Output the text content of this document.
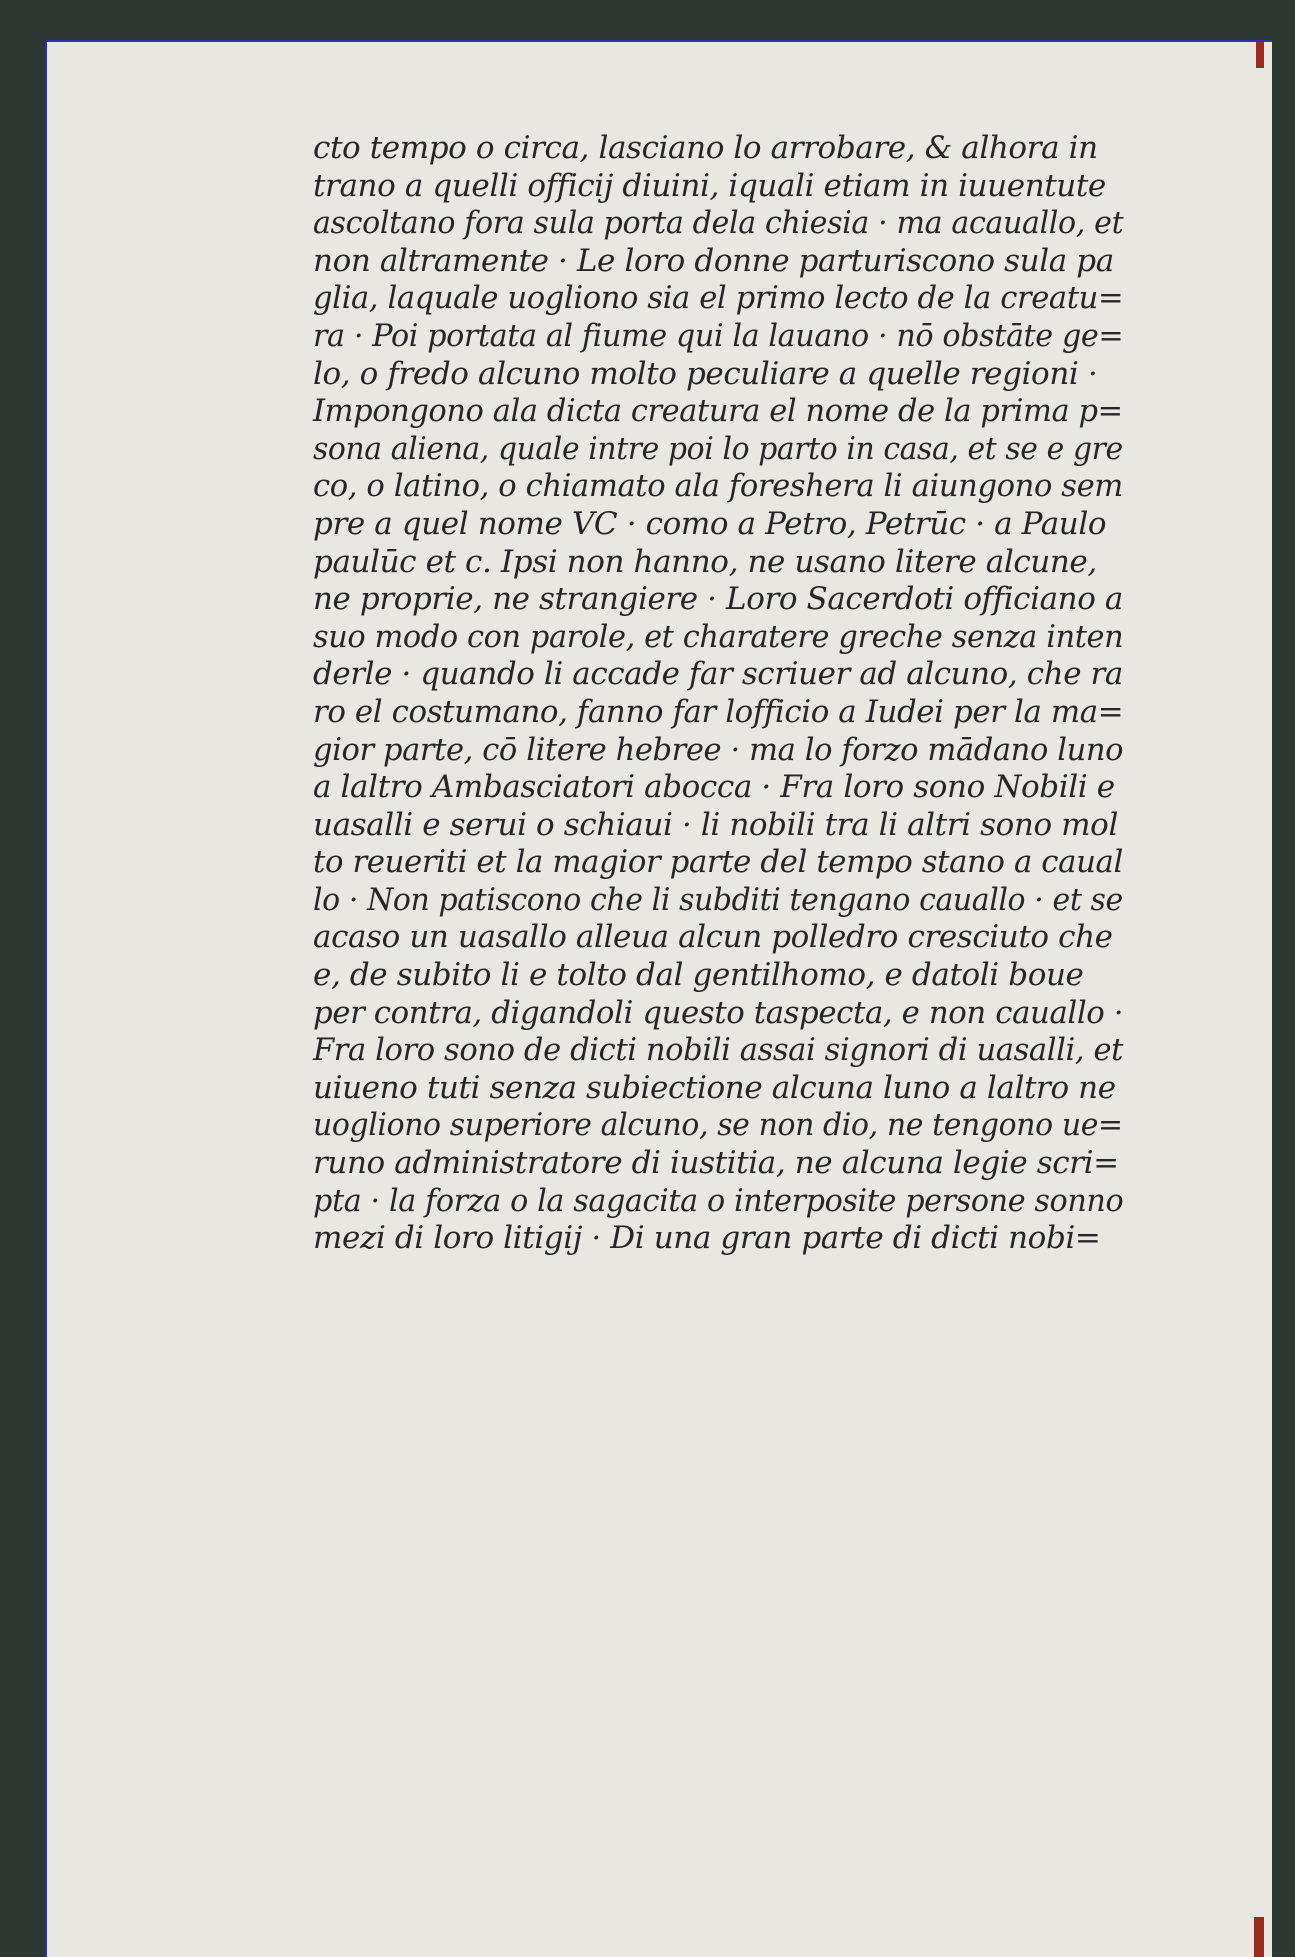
cto tempo o circa, lasciano lo arrobare, & alhora in
trano a quelli officij diuini, iquali etiam in iuuentute
ascoltano fora sula porta dela chiesia · ma acauallo, et
non altramente · Le loro donne parturiscono sula pa
glia, laquale uogliono sia el primo lecto de la creatu=
ra · Poi portata al fiume qui la lauano · nō obstāte ge=
lo, o fredo alcuno molto peculiare a quelle regioni ·
Impongono ala dicta creatura el nome de la prima p=
sona aliena, quale intre poi lo parto in casa, et se e gre
co, o latino, o chiamato ala foreshera li aiungono sem
pre a quel nome VC · como a Petro, Petrūc · a Paulo
paulūc et c. Ipsi non hanno, ne usano litere alcune,
ne proprie, ne strangiere · Loro Sacerdoti officiano a
suo modo con parole, et charatere greche senza inten
derle · quando li accade far scriuer ad alcuno, che ra
ro el costumano, fanno far lofficio a Iudei per la ma=
gior parte, cō litere hebree · ma lo forzo mādano luno
a laltro Ambasciatori abocca · Fra loro sono Nobili e
uasalli e serui o schiaui · li nobili tra li altri sono mol
to reueriti et la magior parte del tempo stano a caual
lo · Non patiscono che li subditi tengano cauallo · et se
acaso un uasallo alleua alcun polledro cresciuto che
e, de subito li e tolto dal gentilhomo, e datoli boue
per contra, digandoli questo taspecta, e non cauallo ·
Fra loro sono de dicti nobili assai signori di uasalli, et
uiueno tuti senza subiectione alcuna luno a laltro ne
uogliono superiore alcuno, se non dio, ne tengono ue=
runo administratore di iustitia, ne alcuna legie scri=
pta · la forza o la sagacita o interposite persone sonno
mezi di loro litigij · Di una gran parte di dicti nobi=
